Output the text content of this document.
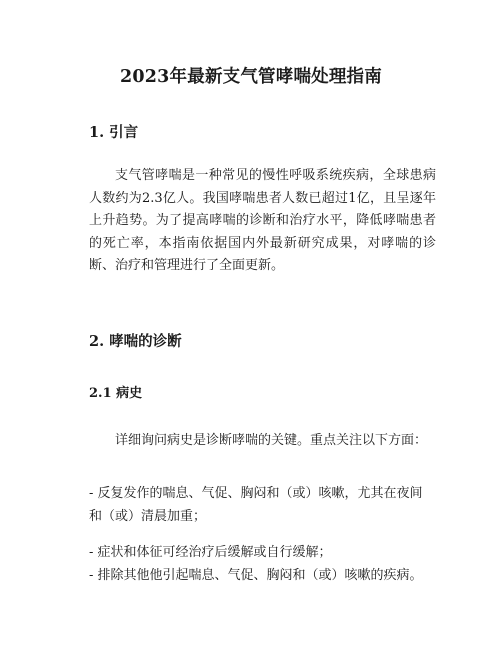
2023年最新支气管哮喘处理指南
1. 引言

支气管哮喘是一种常见的慢性呼吸系统疾病，全球患病人数约为2.3亿人。我国哮喘患者人数已超过1亿，且呈逐年上升趋势。为了提高哮喘的诊断和治疗水平，降低哮喘患者的死亡率，本指南依据国内外最新研究成果，对哮喘的诊断、治疗和管理进行了全面更新。

2. 哮喘的诊断
2.1 病史

详细询问病史是诊断哮喘的关键。重点关注以下方面：

- 反复发作的喘息、气促、胸闷和（或）咳嗽，尤其在夜间和（或）清晨加重；

- 症状和体征可经治疗后缓解或自行缓解；

- 排除其他他引起喘息、气促、胸闷和（或）咳嗽的疾病。
